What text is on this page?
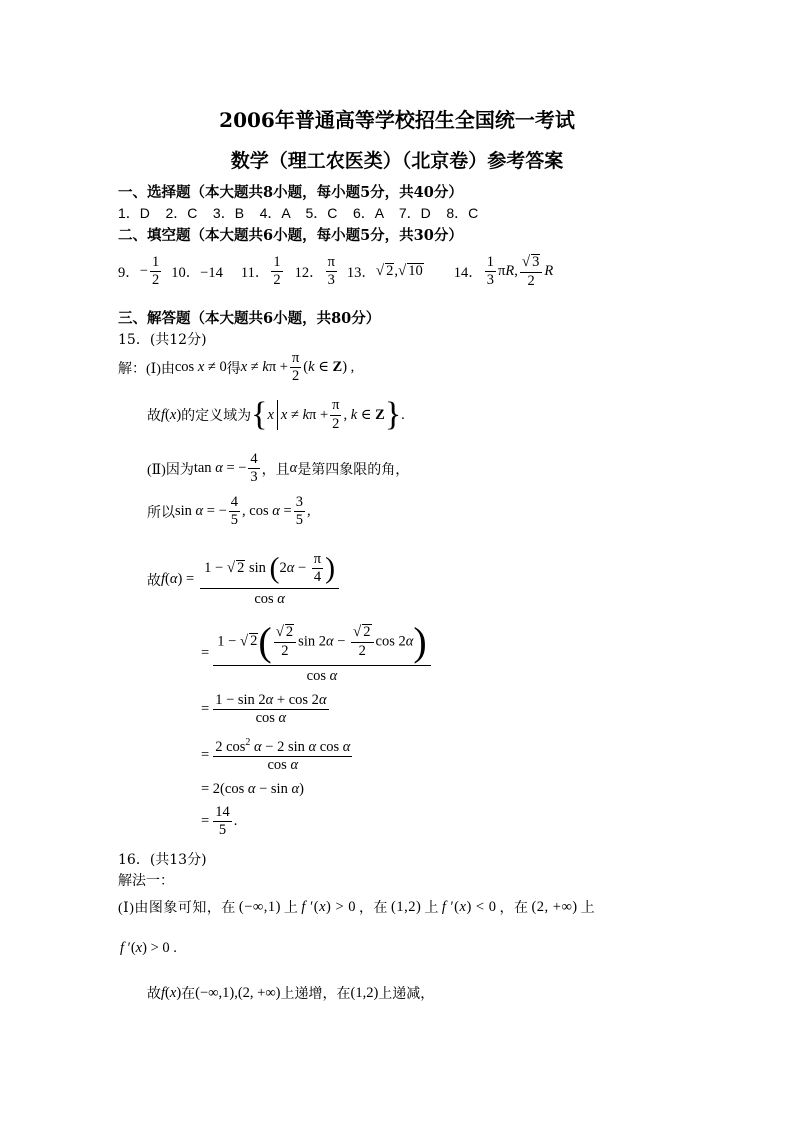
2006年普通高等学校招生全国统一考试
数学（理工农医类）（北京卷）参考答案
一、选择题（本大题共8小题，每小题5分，共40分）
1．D    2．C    3．B    4．A    5．C    6．A    7．D    8．C
二、填空题（本大题共6小题，每小题5分，共30分）
9． − $\frac{1}{2} 10$．−14 11． $\frac{1}{2} 12$． $\frac{\pi}{3} 13$． √ 2,√ 10 14． $\frac{1}{3} \pi R$, $\frac{√ 3}{2}$ R
三、解答题（本大题共6小题，共80分）
15．(共12分)
解：(Ⅰ)由 cos x ≠ 0 得 $x \ne k\pi + \frac{\pi}{2} (k$ ∈ Z) ,
故 f(x) 的定义域为 { x $x \ne k\pi + \frac{\pi}{2}$ , k ∈ Z } .
(Ⅱ)因为 tan α = − $\frac{4}{3}$ ，且 α 是第四象限的角，
所以 sin α = − $\frac{4}{5}$ , $\cos \alpha = \frac{3}{5}$ ,
故 $f(\alpha) = \frac{1 - √ 2 \sin (2\alpha - \frac{\pi}{4} )}{\text{cos α}}$
= $\frac{1 - √ 2( \frac{√ 2}{2} \sin 2\alpha - \frac{√ 2}{2} \cos 2\alpha)}{\text{cos α}}$
= $\frac{1 - \sin 2\alpha + \cos 2\alpha}{\text{cos α}}$
= $\frac{2 \cos^2 \alpha - 2 \sin \alpha \cos \alpha}{\text{cos α}}$
= 2(cos α − sin α)
= $\frac{14}{5}$ .
16．(共13分)
解法一：
(Ⅰ)由图象可知，在 (−∞,1) 上 f ′(x) > 0 ，在 (1,2) 上 f ′(x) < 0 ，在 (2, +∞) 上
f ′(x) > 0 .
故 f(x) 在 (−∞,1),(2, +∞) 上递增，在 (1,2) 上递减，
